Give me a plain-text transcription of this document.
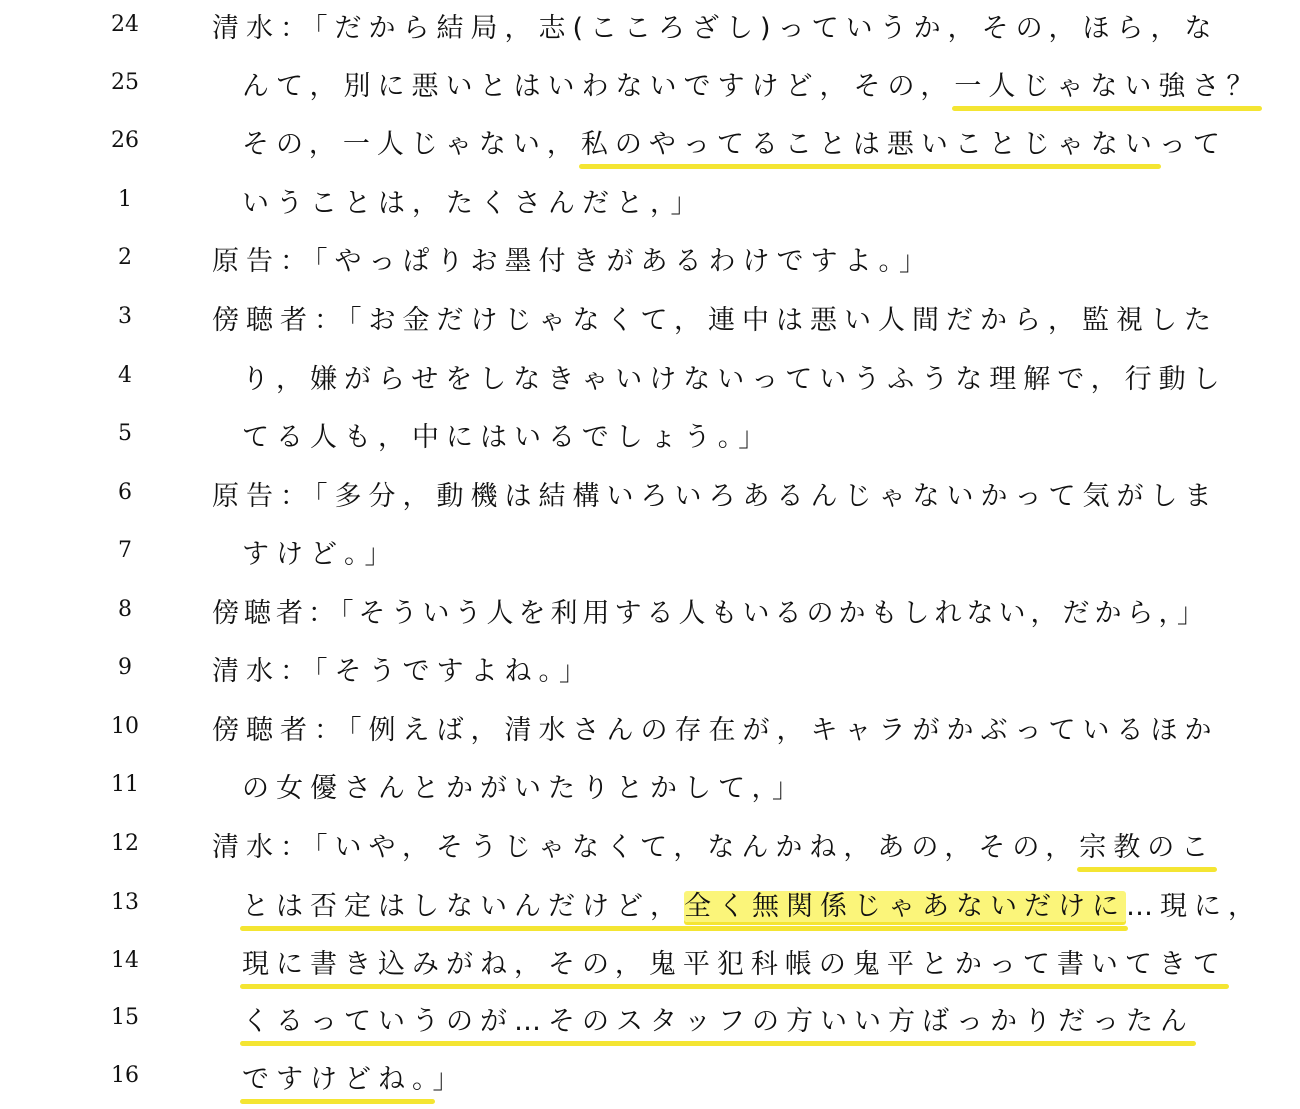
24	清水：「だから結局，志(こころざし)っていうか，その，ほら，な
25	んて，別に悪いとはいわないですけど，その，一人じゃない強さ？
26	その，一人じゃない，私のやってることは悪いことじゃないって
1	いうことは，たくさんだと，」
2	原告：「やっぱりお墨付きがあるわけですよ。」
3	傍聴者：「お金だけじゃなくて，連中は悪い人間だから，監視した
4	り，嫌がらせをしなきゃいけないっていうふうな理解で，行動し
5	てる人も，中にはいるでしょう。」
6	原告：「多分，動機は結構いろいろあるんじゃないかって気がしま
7	すけど。」
8	傍聴者：「そういう人を利用する人もいるのかもしれない，だから，」
9	清水：「そうですよね。」
10	傍聴者：「例えば，清水さんの存在が，キャラがかぶっているほか
11	の女優さんとかがいたりとかして，」
12	清水：「いや，そうじゃなくて，なんかね，あの，その，宗教のこ
13	とは否定はしないんだけど，全く無関係じゃあないだけに…現に，
14	現に書き込みがね，その，鬼平犯科帳の鬼平とかって書いてきて
15	くるっていうのが…そのスタッフの方いい方ばっかりだったん
16	ですけどね。」
